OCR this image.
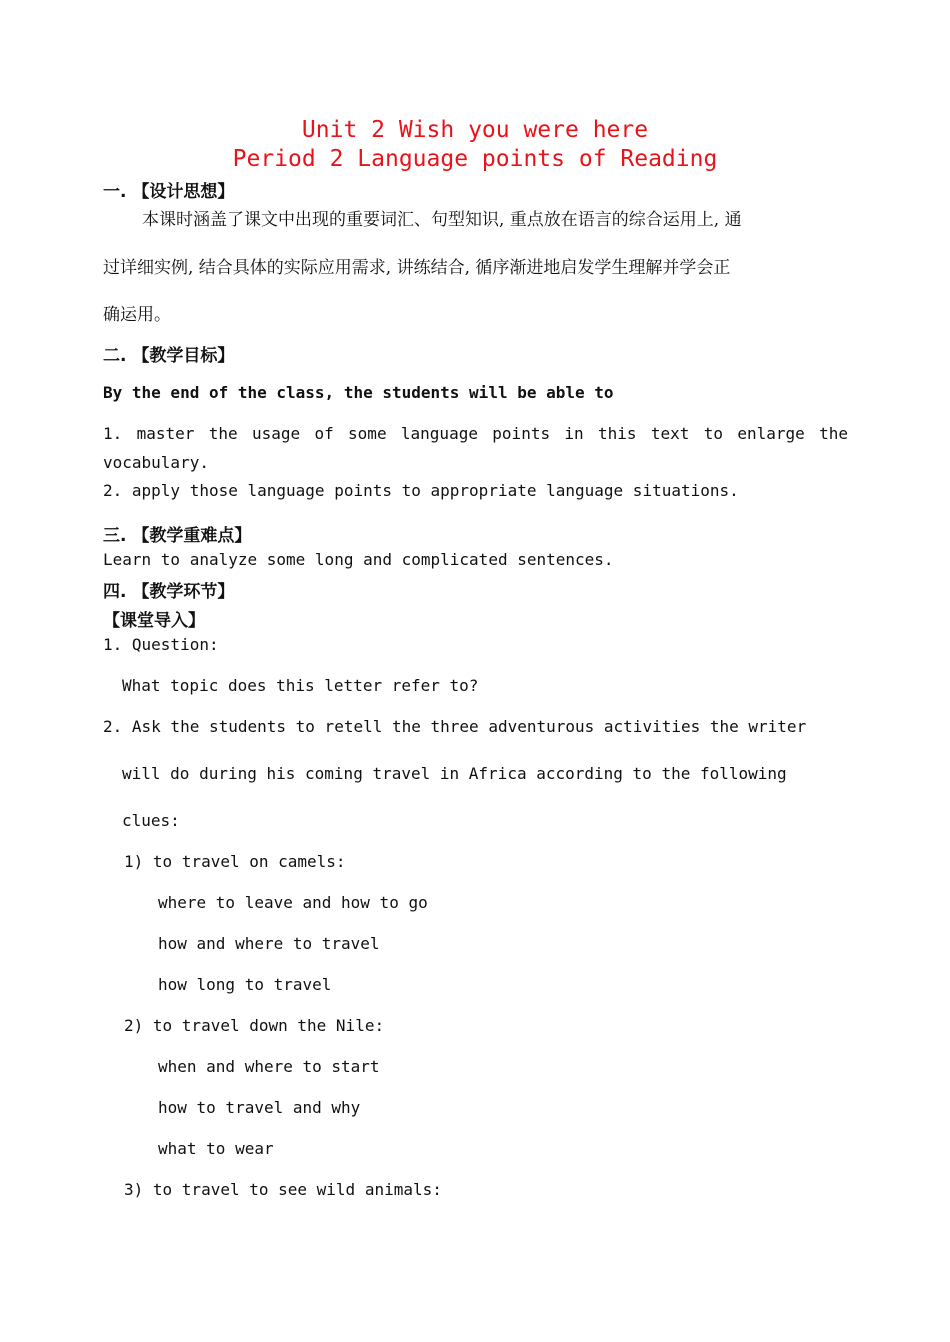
Unit 2 Wish you were here
Period 2 Language points of Reading
一. 【设计思想】
本课时涵盖了课文中出现的重要词汇、句型知识, 重点放在语言的综合运用上, 通
过详细实例, 结合具体的实际应用需求, 讲练结合, 循序渐进地启发学生理解并学会正
确运用。
二. 【教学目标】
By the end of the class, the students will be able to
1. master the usage of some language points in this text to enlarge the
vocabulary.
2. apply those language points to appropriate language situations.
三. 【教学重难点】
Learn to analyze some long and complicated sentences.
四. 【教学环节】
【课堂导入】
1. Question:
What topic does this letter refer to?
2. Ask the students to retell the three adventurous activities the writer
will do during his coming travel in Africa according to the following
clues:
1) to travel on camels:
where to leave and how to go
how and where to travel
how long to travel
2) to travel down the Nile:
when and where to start
how to travel and why
what to wear
3) to travel to see wild animals:
